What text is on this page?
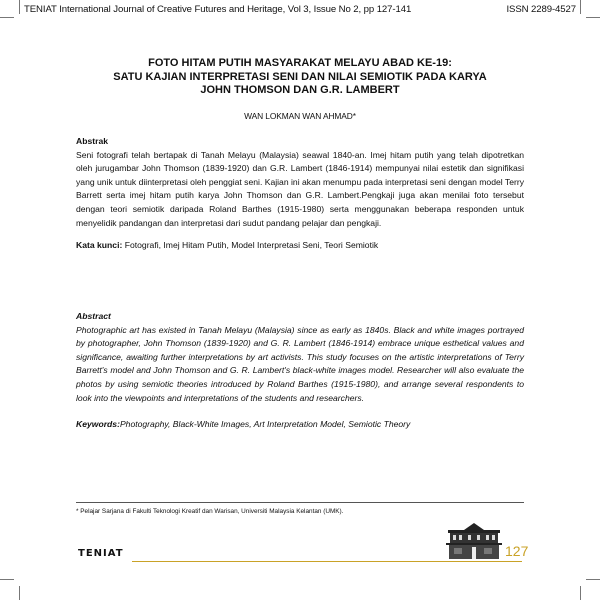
TENIAT International Journal of Creative Futures and Heritage, Vol 3, Issue No 2, pp 127-141	ISSN 2289-4527

FOTO HITAM PUTIH MASYARAKAT MELAYU ABAD KE-19:

SATU KAJIAN INTERPRETASI SENI DAN NILAI SEMIOTIK PADA KARYA

JOHN THOMSON DAN G.R. LAMBERT

WAN LOKMAN WAN AHMAD*
Abstrak

Seni fotografi telah bertapak di Tanah Melayu (Malaysia) seawal 1840-an. Imej hitam putih yang telah dipotretkan oleh jurugambar John Thomson (1839-1920) dan G.R. Lambert (1846-1914) mempunyai nilai estetik dan signifikasi yang unik untuk diinterpretasi oleh penggiat seni. Kajian ini akan menumpu pada interpretasi seni dengan model Terry Barrett serta imej hitam putih karya John Thomson dan G.R. Lambert.Pengkaji juga akan menilai foto tersebut dengan teori semiotik daripada Roland Barthes (1915-1980) serta menggunakan beberapa responden untuk menyelidik pandangan dan interpretasi dari sudut pandang pelajar dan pengkaji.

Kata kunci: Fotografi, Imej Hitam Putih, Model Interpretasi Seni, Teori Semiotik
Abstract

Photographic art has existed in Tanah Melayu (Malaysia) since as early as 1840s. Black and white images portrayed by photographer, John Thomson (1839-1920) and G. R. Lambert (1846-1914) embrace unique esthetical values and significance, awaiting further interpretations by art activists. This study focuses on the artistic interpretations of Terry Barrett's model and John Thomson and G. R. Lambert's black-white images model. Researcher will also evaluate the photos by using semiotic theories introduced by Roland Barthes (1915-1980), and arrange several respondents to look into the viewpoints and interpretations of the students and researchers.

Keywords:Photography, Black-White Images, Art Interpretation Model, Semiotic Theory
* Pelajar Sarjana di Fakulti Teknologi Kreatif dan Warisan, Universiti Malaysia Kelantan (UMK).
TENIAT	127
